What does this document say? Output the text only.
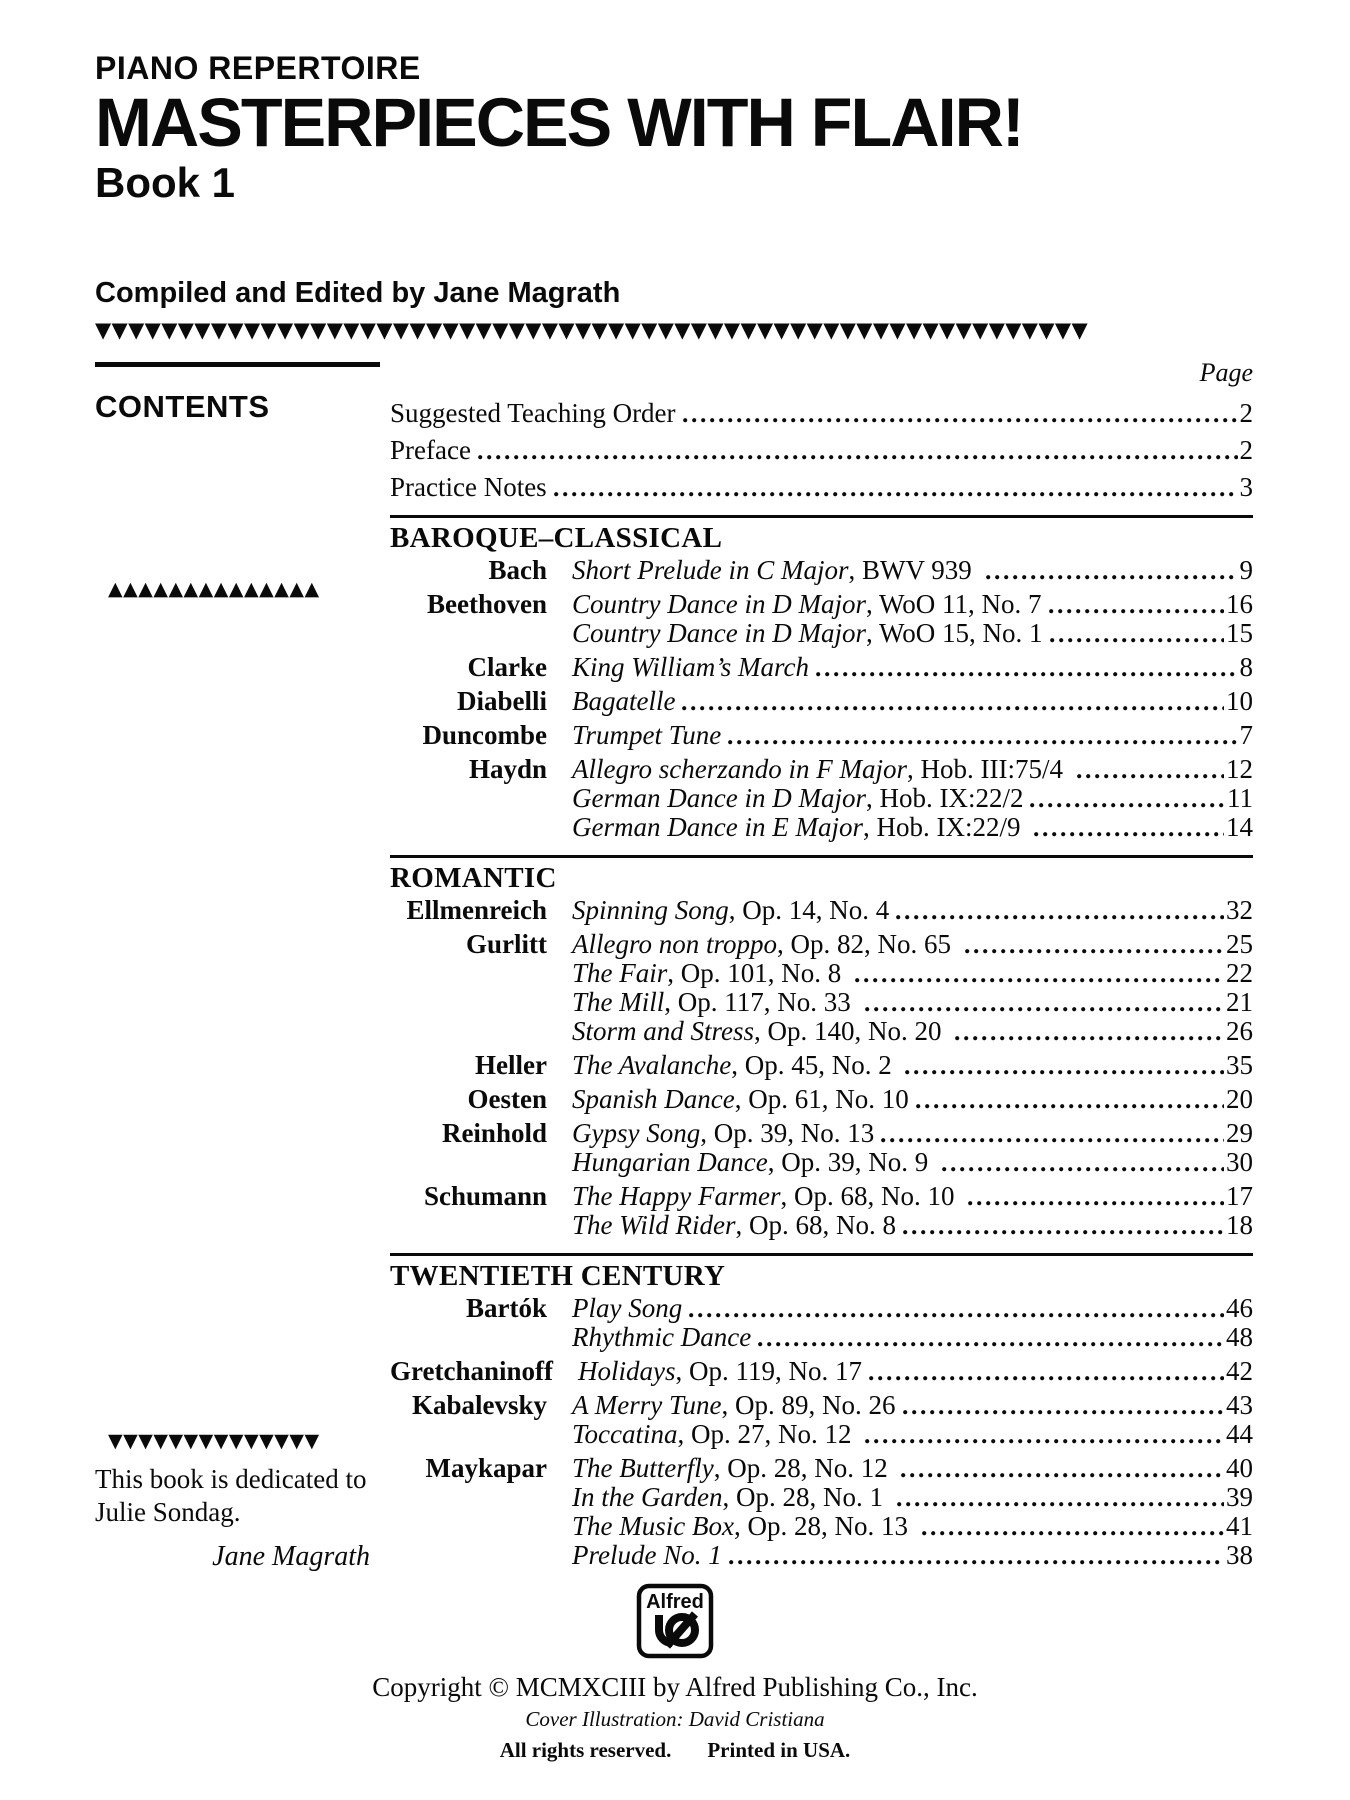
PIANO REPERTOIRE
MASTERPIECES WITH FLAIR!
Book 1
Compiled and Edited by Jane Magrath
▼▼▼▼▼▼▼▼▼▼▼▼▼▼▼▼▼▼▼▼▼▼▼▼▼▼▼▼▼▼▼▼▼▼▼▼▼▼▼▼▼▼▼▼▼▼▼▼▼▼▼▼▼▼▼▼▼▼▼▼
CONTENTS
▲▲▲▲▲▲▲▲▲▲▲▲▲▲
▼▼▼▼▼▼▼▼▼▼▼▼▼▼
This book is dedicated to
Julie Sondag.
Jane Magrath
Page
Suggested Teaching Order	2
Preface	2
Practice Notes	3
BAROQUE–CLASSICAL
Bach Short Prelude in C Major , BWV 939	9
Beethoven Country Dance in D Major , WoO 11, No. 7	16
Country Dance in D Major , WoO 15, No. 1	15
Clarke King William’s March	8
Diabelli Bagatelle	10
Duncombe Trumpet Tune	7
Haydn Allegro scherzando in F Major , Hob. III:75/4	12
German Dance in D Major , Hob. IX:22/2	11
German Dance in E Major , Hob. IX:22/9	14
ROMANTIC
Ellmenreich Spinning Song , Op. 14, No. 4	32
Gurlitt Allegro non troppo , Op. 82, No. 65	25
The Fair , Op. 101, No. 8	22
The Mill , Op. 117, No. 33	21
Storm and Stress , Op. 140, No. 20	26
Heller The Avalanche , Op. 45, No. 2	35
Oesten Spanish Dance , Op. 61, No. 10	20
Reinhold Gypsy Song , Op. 39, No. 13	29
Hungarian Dance , Op. 39, No. 9	30
Schumann The Happy Farmer , Op. 68, No. 10	17
The Wild Rider , Op. 68, No. 8	18
TWENTIETH CENTURY
Bartók Play Song	46
Rhythmic Dance	48
Gretchaninoff Holidays , Op. 119, No. 17	42
Kabalevsky A Merry Tune , Op. 89, No. 26	43
Toccatina , Op. 27, No. 12	44
Maykapar The Butterfly , Op. 28, No. 12	40
In the Garden , Op. 28, No. 1	39
The Music Box , Op. 28, No. 13	41
Prelude No. 1	38
Alfred
Copyright © MCMXCIII by Alfred Publishing Co., Inc.
Cover Illustration: David Cristiana
All rights reserved. Printed in USA.
